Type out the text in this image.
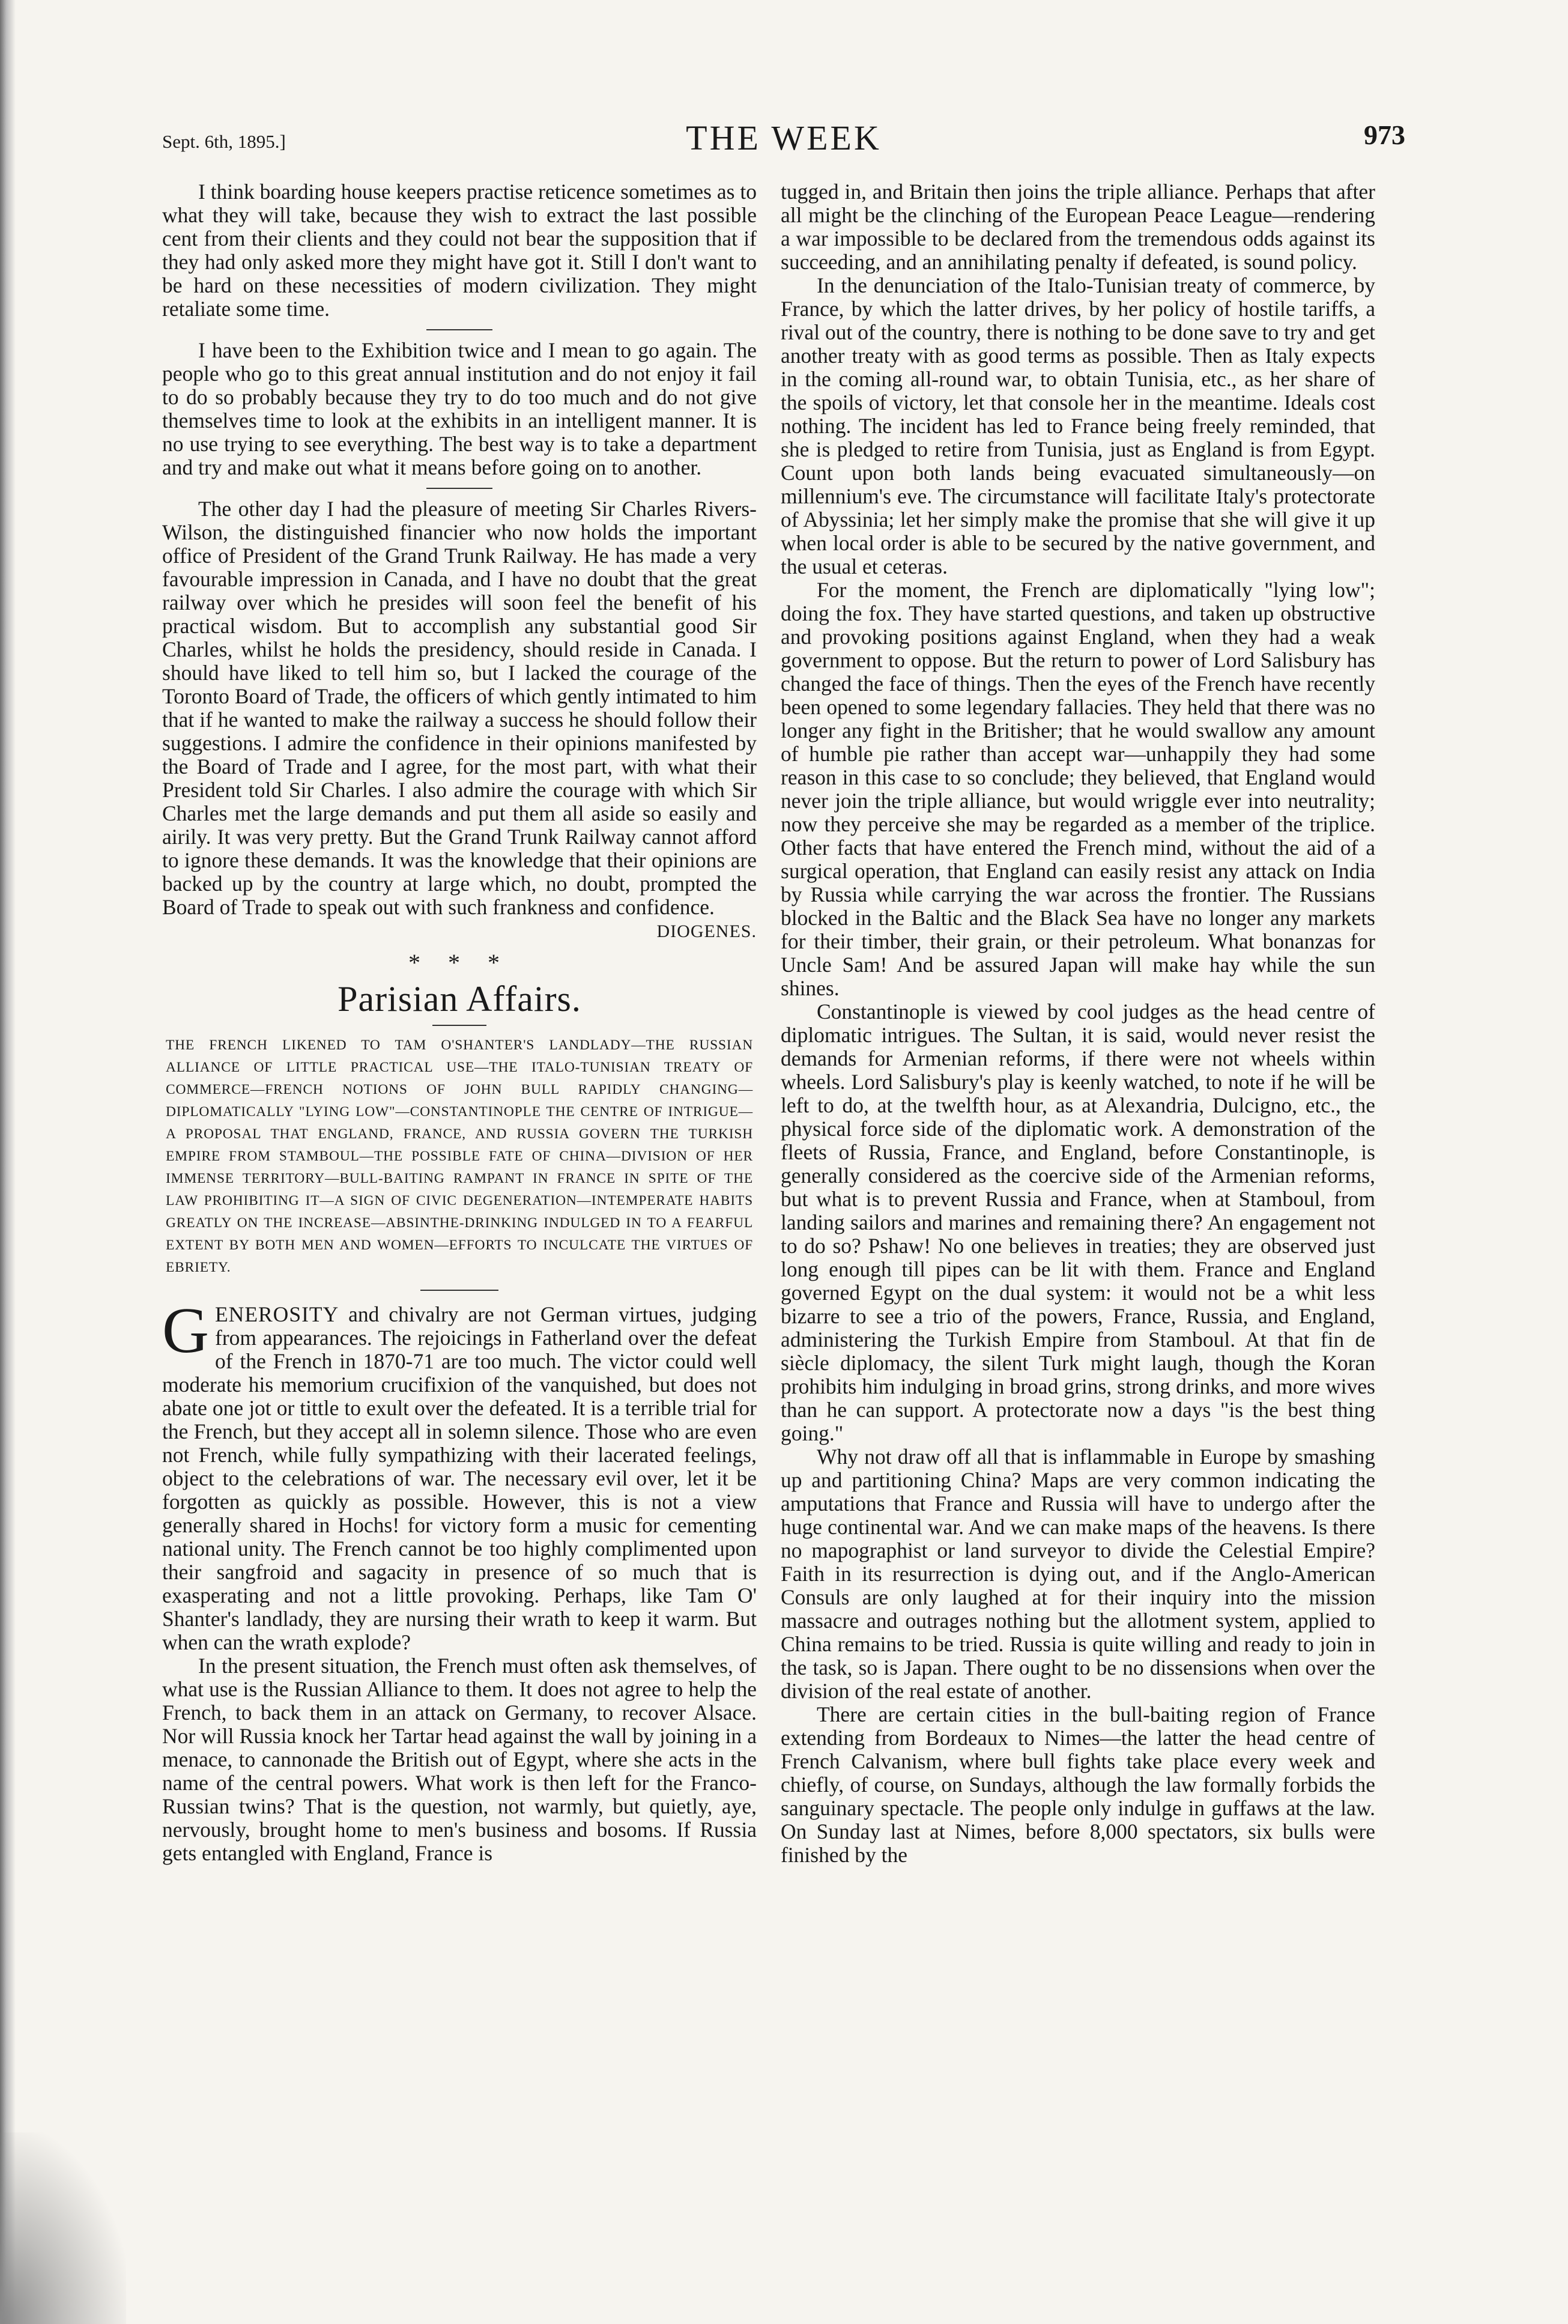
Sept. 6th, 1895.]	THE WEEK	973

I think boarding house keepers practise reticence sometimes as to what they will take, because they wish to extract the last possible cent from their clients and they could not bear the supposition that if they had only asked more they might have got it. Still I don't want to be hard on these necessities of modern civilization. They might retaliate some time.

I have been to the Exhibition twice and I mean to go again. The people who go to this great annual institution and do not enjoy it fail to do so probably because they try to do too much and do not give themselves time to look at the exhibits in an intelligent manner. It is no use trying to see everything. The best way is to take a department and try and make out what it means before going on to another.

The other day I had the pleasure of meeting Sir Charles Rivers-Wilson, the distinguished financier who now holds the important office of President of the Grand Trunk Railway. He has made a very favourable impression in Canada, and I have no doubt that the great railway over which he presides will soon feel the benefit of his practical wisdom. But to accomplish any substantial good Sir Charles, whilst he holds the presidency, should reside in Canada. I should have liked to tell him so, but I lacked the courage of the Toronto Board of Trade, the officers of which gently intimated to him that if he wanted to make the railway a success he should follow their suggestions. I admire the confidence in their opinions manifested by the Board of Trade and I agree, for the most part, with what their President told Sir Charles. I also admire the courage with which Sir Charles met the large demands and put them all aside so easily and airily. It was very pretty. But the Grand Trunk Railway cannot afford to ignore these demands. It was the knowledge that their opinions are backed up by the country at large which, no doubt, prompted the Board of Trade to speak out with such frankness and confidence.

DIOGENES.
* * *
Parisian Affairs.

THE FRENCH LIKENED TO TAM O'SHANTER'S LANDLADY—THE RUSSIAN ALLIANCE OF LITTLE PRACTICAL USE—THE ITALO-TUNISIAN TREATY OF COMMERCE—FRENCH NOTIONS OF JOHN BULL RAPIDLY CHANGING—DIPLOMATICALLY "LYING LOW"—CONSTANTINOPLE THE CENTRE OF INTRIGUE—A PROPOSAL THAT ENGLAND, FRANCE, AND RUSSIA GOVERN THE TURKISH EMPIRE FROM STAMBOUL—THE POSSIBLE FATE OF CHINA—DIVISION OF HER IMMENSE TERRITORY—BULL-BAITING RAMPANT IN FRANCE IN SPITE OF THE LAW PROHIBITING IT—A SIGN OF CIVIC DEGENERATION—INTEMPERATE HABITS GREATLY ON THE INCREASE—ABSINTHE-DRINKING INDULGED IN TO A FEARFUL EXTENT BY BOTH MEN AND WOMEN—EFFORTS TO INCULCATE THE VIRTUES OF EBRIETY.

GENEROSITY and chivalry are not German virtues, judging from appearances. The rejoicings in Fatherland over the defeat of the French in 1870-71 are too much. The victor could well moderate his memorium crucifixion of the vanquished, but does not abate one jot or tittle to exult over the defeated. It is a terrible trial for the French, but they accept all in solemn silence. Those who are even not French, while fully sympathizing with their lacerated feelings, object to the celebrations of war. The necessary evil over, let it be forgotten as quickly as possible. However, this is not a view generally shared in Hochs! for victory form a music for cementing national unity. The French cannot be too highly complimented upon their sangfroid and sagacity in presence of so much that is exasperating and not a little provoking. Perhaps, like Tam O' Shanter's landlady, they are nursing their wrath to keep it warm. But when can the wrath explode?

In the present situation, the French must often ask themselves, of what use is the Russian Alliance to them. It does not agree to help the French, to back them in an attack on Germany, to recover Alsace. Nor will Russia knock her Tartar head against the wall by joining in a menace, to cannonade the British out of Egypt, where she acts in the name of the central powers. What work is then left for the Franco-Russian twins? That is the question, not warmly, but quietly, aye, nervously, brought home to men's business and bosoms. If Russia gets entangled with England, France is

tugged in, and Britain then joins the triple alliance. Perhaps that after all might be the clinching of the European Peace League—rendering a war impossible to be declared from the tremendous odds against its succeeding, and an annihilating penalty if defeated, is sound policy.

In the denunciation of the Italo-Tunisian treaty of commerce, by France, by which the latter drives, by her policy of hostile tariffs, a rival out of the country, there is nothing to be done save to try and get another treaty with as good terms as possible. Then as Italy expects in the coming all-round war, to obtain Tunisia, etc., as her share of the spoils of victory, let that console her in the meantime. Ideals cost nothing. The incident has led to France being freely reminded, that she is pledged to retire from Tunisia, just as England is from Egypt. Count upon both lands being evacuated simultaneously—on millennium's eve. The circumstance will facilitate Italy's protectorate of Abyssinia; let her simply make the promise that she will give it up when local order is able to be secured by the native government, and the usual et ceteras.

For the moment, the French are diplomatically "lying low"; doing the fox. They have started questions, and taken up obstructive and provoking positions against England, when they had a weak government to oppose. But the return to power of Lord Salisbury has changed the face of things. Then the eyes of the French have recently been opened to some legendary fallacies. They held that there was no longer any fight in the Britisher; that he would swallow any amount of humble pie rather than accept war—unhappily they had some reason in this case to so conclude; they believed, that England would never join the triple alliance, but would wriggle ever into neutrality; now they perceive she may be regarded as a member of the triplice. Other facts that have entered the French mind, without the aid of a surgical operation, that England can easily resist any attack on India by Russia while carrying the war across the frontier. The Russians blocked in the Baltic and the Black Sea have no longer any markets for their timber, their grain, or their petroleum. What bonanzas for Uncle Sam! And be assured Japan will make hay while the sun shines.

Constantinople is viewed by cool judges as the head centre of diplomatic intrigues. The Sultan, it is said, would never resist the demands for Armenian reforms, if there were not wheels within wheels. Lord Salisbury's play is keenly watched, to note if he will be left to do, at the twelfth hour, as at Alexandria, Dulcigno, etc., the physical force side of the diplomatic work. A demonstration of the fleets of Russia, France, and England, before Constantinople, is generally considered as the coercive side of the Armenian reforms, but what is to prevent Russia and France, when at Stamboul, from landing sailors and marines and remaining there? An engagement not to do so? Pshaw! No one believes in treaties; they are observed just long enough till pipes can be lit with them. France and England governed Egypt on the dual system: it would not be a whit less bizarre to see a trio of the powers, France, Russia, and England, administering the Turkish Empire from Stamboul. At that fin de siècle diplomacy, the silent Turk might laugh, though the Koran prohibits him indulging in broad grins, strong drinks, and more wives than he can support. A protectorate now a days "is the best thing going."

Why not draw off all that is inflammable in Europe by smashing up and partitioning China? Maps are very common indicating the amputations that France and Russia will have to undergo after the huge continental war. And we can make maps of the heavens. Is there no mapographist or land surveyor to divide the Celestial Empire? Faith in its resurrection is dying out, and if the Anglo-American Consuls are only laughed at for their inquiry into the mission massacre and outrages nothing but the allotment system, applied to China remains to be tried. Russia is quite willing and ready to join in the task, so is Japan. There ought to be no dissensions when over the division of the real estate of another.

There are certain cities in the bull-baiting region of France extending from Bordeaux to Nimes—the latter the head centre of French Calvanism, where bull fights take place every week and chiefly, of course, on Sundays, although the law formally forbids the sanguinary spectacle. The people only indulge in guffaws at the law. On Sunday last at Nimes, before 8,000 spectators, six bulls were finished by the
